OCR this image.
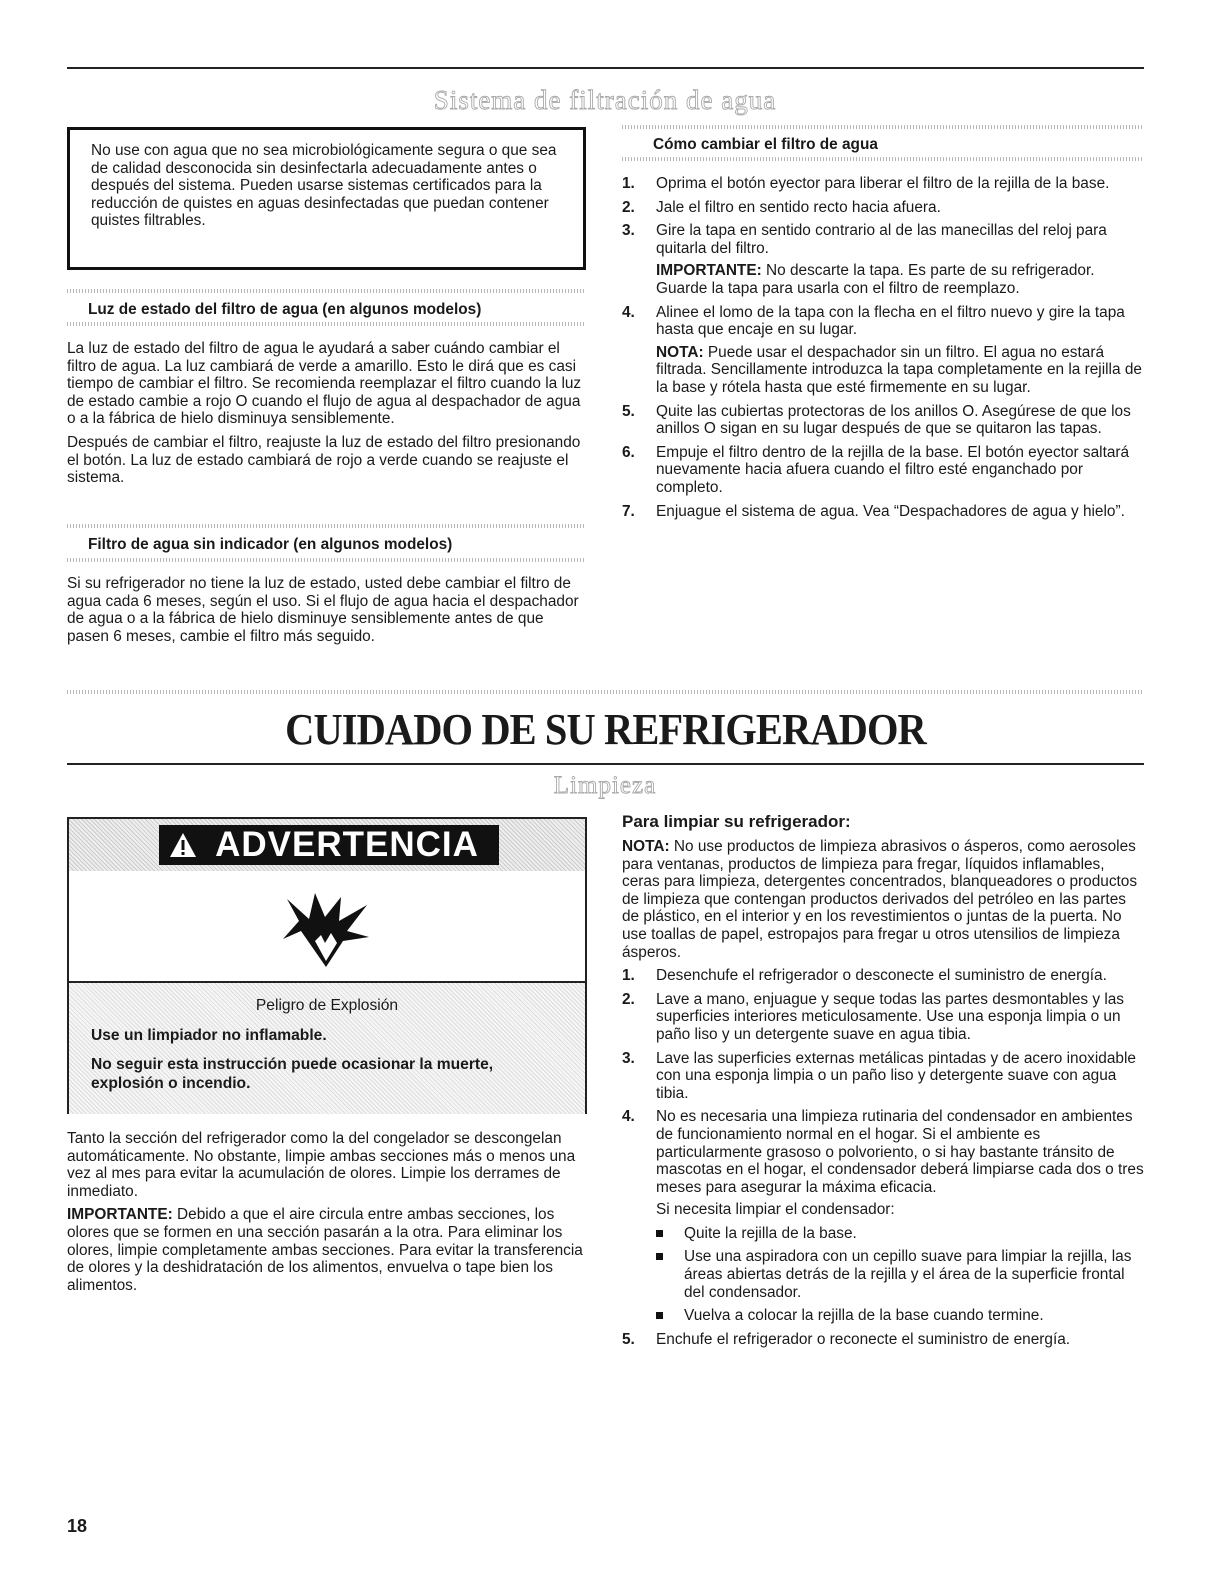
Sistema de filtración de agua

No use con agua que no sea microbiológicamente segura o que sea de calidad desconocida sin desinfectarla adecuadamente antes o después del sistema. Pueden usarse sistemas certificados para la reducción de quistes en aguas desinfectadas que puedan contener quistes filtrables.

Luz de estado del filtro de agua (en algunos modelos)

La luz de estado del filtro de agua le ayudará a saber cuándo cambiar el filtro de agua. La luz cambiará de verde a amarillo. Esto le dirá que es casi tiempo de cambiar el filtro. Se recomienda reemplazar el filtro cuando la luz de estado cambie a rojo O cuando el flujo de agua al despachador de agua o a la fábrica de hielo disminuya sensiblemente.

Después de cambiar el filtro, reajuste la luz de estado del filtro presionando el botón. La luz de estado cambiará de rojo a verde cuando se reajuste el sistema.

Filtro de agua sin indicador (en algunos modelos)

Si su refrigerador no tiene la luz de estado, usted debe cambiar el filtro de agua cada 6 meses, según el uso. Si el flujo de agua hacia el despachador de agua o a la fábrica de hielo disminuye sensiblemente antes de que pasen 6 meses, cambie el filtro más seguido.

Cómo cambiar el filtro de agua
1. Oprima el botón eyector para liberar el filtro de la rejilla de la base.
2. Jale el filtro en sentido recto hacia afuera.
3. Gire la tapa en sentido contrario al de las manecillas del reloj para quitarla del filtro.
IMPORTANTE: No descarte la tapa. Es parte de su refrigerador. Guarde la tapa para usarla con el filtro de reemplazo.
4. Alinee el lomo de la tapa con la flecha en el filtro nuevo y gire la tapa hasta que encaje en su lugar.
NOTA: Puede usar el despachador sin un filtro. El agua no estará filtrada. Sencillamente introduzca la tapa completamente en la rejilla de la base y rótela hasta que esté firmemente en su lugar.
5. Quite las cubiertas protectoras de los anillos O. Asegúrese de que los anillos O sigan en su lugar después de que se quitaron las tapas.
6. Empuje el filtro dentro de la rejilla de la base. El botón eyector saltará nuevamente hacia afuera cuando el filtro esté enganchado por completo.
7. Enjuague el sistema de agua. Vea “Despachadores de agua y hielo”.
CUIDADO DE SU REFRIGERADOR
Limpieza
ADVERTENCIA
Peligro de Explosión
Use un limpiador no inflamable.
No seguir esta instrucción puede ocasionar la muerte, explosión o incendio.

Tanto la sección del refrigerador como la del congelador se descongelan automáticamente. No obstante, limpie ambas secciones más o menos una vez al mes para evitar la acumulación de olores. Limpie los derrames de inmediato.

IMPORTANTE: Debido a que el aire circula entre ambas secciones, los olores que se formen en una sección pasarán a la otra. Para eliminar los olores, limpie completamente ambas secciones. Para evitar la transferencia de olores y la deshidratación de los alimentos, envuelva o tape bien los alimentos.

Para limpiar su refrigerador:

NOTA: No use productos de limpieza abrasivos o ásperos, como aerosoles para ventanas, productos de limpieza para fregar, líquidos inflamables, ceras para limpieza, detergentes concentrados, blanqueadores o productos de limpieza que contengan productos derivados del petróleo en las partes de plástico, en el interior y en los revestimientos o juntas de la puerta. No use toallas de papel, estropajos para fregar u otros utensilios de limpieza ásperos.

1. Desenchufe el refrigerador o desconecte el suministro de energía.
2. Lave a mano, enjuague y seque todas las partes desmontables y las superficies interiores meticulosamente. Use una esponja limpia o un paño liso y un detergente suave en agua tibia.
3. Lave las superficies externas metálicas pintadas y de acero inoxidable con una esponja limpia o un paño liso y detergente suave con agua tibia.
4. No es necesaria una limpieza rutinaria del condensador en ambientes de funcionamiento normal en el hogar. Si el ambiente es particularmente grasoso o polvoriento, o si hay bastante tránsito de mascotas en el hogar, el condensador deberá limpiarse cada dos o tres meses para asegurar la máxima eficacia.
Si necesita limpiar el condensador:
Quite la rejilla de la base.
Use una aspiradora con un cepillo suave para limpiar la rejilla, las áreas abiertas detrás de la rejilla y el área de la superficie frontal del condensador.
Vuelva a colocar la rejilla de la base cuando termine.
5. Enchufe el refrigerador o reconecte el suministro de energía.
18
